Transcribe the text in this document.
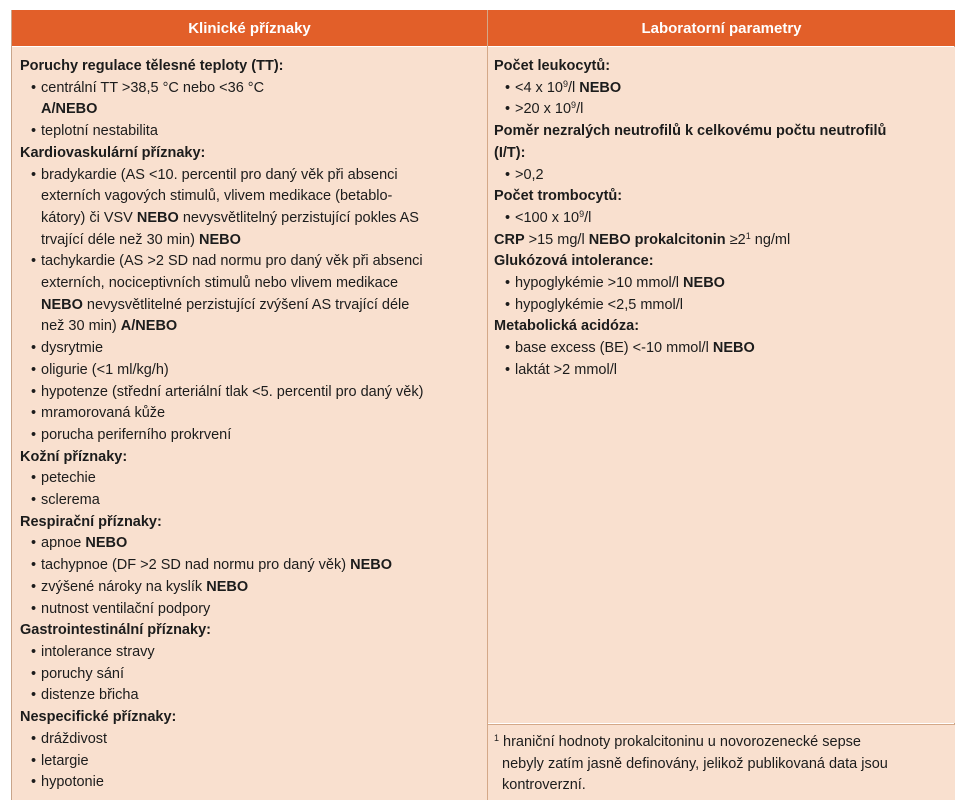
Klinické příznaky	Laboratorní parametry
Poruchy regulace tělesné teploty (TT):
• centrální TT >38,5 °C nebo <36 °C
A/NEBO
• teplotní nestabilita
Kardiovaskulární příznaky:
• bradykardie (AS <10. percentil pro daný věk při absenci
externích vagových stimulů, vlivem medikace (betablo-
kátory) či VSV NEBO nevysvětlitelný perzistující pokles AS
trvající déle než 30 min) NEBO
• tachykardie (AS >2 SD nad normu pro daný věk při absenci
externích, nociceptivních stimulů nebo vlivem medikace
NEBO nevysvětlitelné perzistující zvýšení AS trvající déle
než 30 min) A/NEBO
• dysrytmie
• oligurie (<1 ml/kg/h)
• hypotenze (střední arteriální tlak <5. percentil pro daný věk)
• mramorovaná kůže
• porucha periferního prokrvení
Kožní příznaky:
• petechie
• sclerema
Respirační příznaky:
• apnoe NEBO
• tachypnoe (DF >2 SD nad normu pro daný věk) NEBO
• zvýšené nároky na kyslík NEBO
• nutnost ventilační podpory
Gastrointestinální příznaky:
• intolerance stravy
• poruchy sání
• distenze břicha
Nespecifické příznaky:
• dráždivost
• letargie
• hypotonie
Počet leukocytů:
• <4 x $10^9/l$ NEBO
• >20 x $10^9/l$
Poměr nezralých neutrofilů k celkovému počtu neutrofilů
(I/T):
• >0,2
Počet trombocytů:
• <100 x $10^9/l$
CRP >15 mg/l NEBO prokalcitonin $\ge 2^1$ ng/ml
Glukózová intolerance:
• hypoglykémie >10 mmol/l NEBO
• hypoglykémie <2,5 mmol/l
Metabolická acidóza:
• base excess (BE) <-10 mmol/l NEBO
• laktát >2 mmol/l
$^1$ hraniční hodnoty prokalcitoninu u novorozenecké sepse
nebyly zatím jasně definovány, jelikož publikovaná data jsou
kontroverzní.
